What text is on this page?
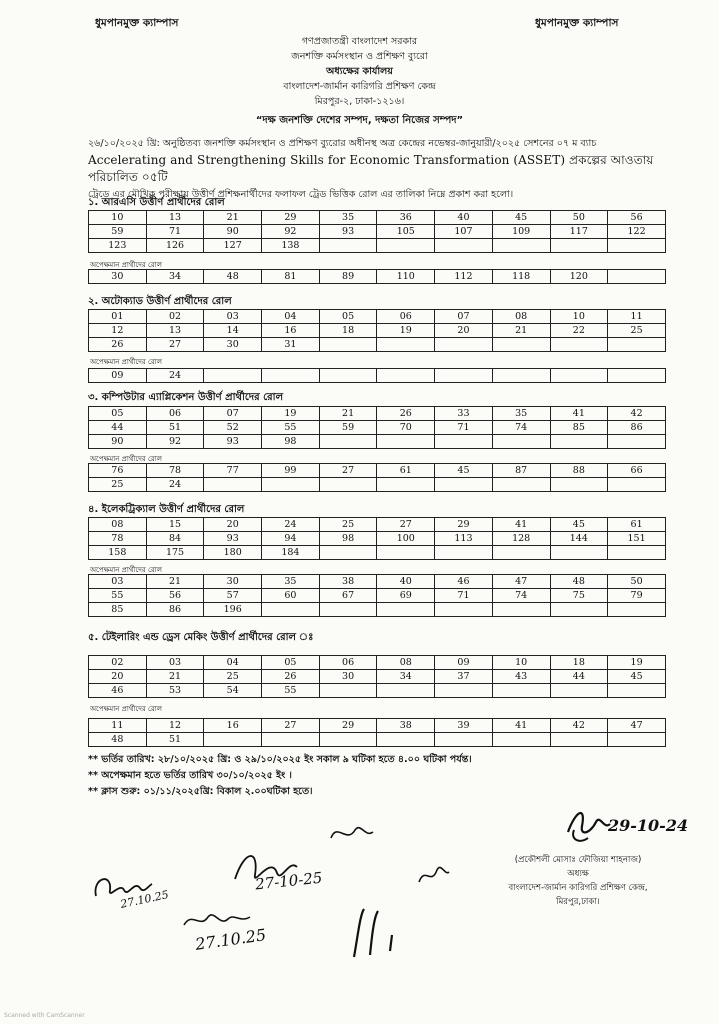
ধুমপানমুক্ত ক্যাম্পাস	ধুমপানমুক্ত ক্যাম্পাস
গণপ্রজাতন্ত্রী বাংলাদেশ সরকার
জনশক্তি কর্মসংস্থান ও প্রশিক্ষণ ব্যুরো
অধ্যক্ষের কার্যালয়
বাংলাদেশ-জার্মান কারিগরি প্রশিক্ষণ কেন্দ্র
মিরপুর-২, ঢাকা-১২১৬।
“দক্ষ জনশক্তি দেশের সম্পদ, দক্ষতা নিজের সম্পদ”
২৬/১০/২০২৫ খ্রি: অনুষ্ঠিতব্য জনশক্তি কর্মসংস্থান ও প্রশিক্ষণ ব্যুরোর অধীনস্থ অত্র কেন্দ্রের নভেম্বর-জানুয়ারী/২০২৫ সেশনের ০৭ ম ব্যাচ
Accelerating and Strengthening Skills for Economic Transformation (ASSET) প্রকল্পের আওতায় পরিচালিত ০৫টি
ট্রেডে এর মৌখিক পরীক্ষায় উত্তীর্ণ প্রশিক্ষনার্থীদের ফলাফল ট্রেড ভিত্তিক রোল এর তালিকা নিম্নে প্রকাশ করা হলো।
১. আরএসি উত্তীর্ণ প্রার্থীদের রোল
10	13	21	29	35	36	40	45	50	56
59	71	90	92	93	105	107	109	117	122
123	126	127	138						
অপেক্ষমান প্রার্থীদের রোল
30	34	48	81	89	110	112	118	120	
২. অটোক্যাড উত্তীর্ণ প্রার্থীদের রোল
01	02	03	04	05	06	07	08	10	11
12	13	14	16	18	19	20	21	22	25
26	27	30	31						
অপেক্ষমান প্রার্থীদের রোল
09	24								
৩. কম্পিউটার এ্যাপ্লিকেশন উত্তীর্ণ প্রার্থীদের রোল
05	06	07	19	21	26	33	35	41	42
44	51	52	55	59	70	71	74	85	86
90	92	93	98						
অপেক্ষমান প্রার্থীদের রোল
76	78	77	99	27	61	45	87	88	66
25	24								
৪. ইলেকট্রিক্যাল উত্তীর্ণ প্রার্থীদের রোল
08	15	20	24	25	27	29	41	45	61
78	84	93	94	98	100	113	128	144	151
158	175	180	184						
অপেক্ষমান প্রার্থীদের রোল
03	21	30	35	38	40	46	47	48	50
55	56	57	60	67	69	71	74	75	79
85	86	196							
৫. টেইলারিং এন্ড ড্রেস মেকিং উত্তীর্ণ প্রার্থীদের রোল ঃ
02	03	04	05	06	08	09	10	18	19
20	21	25	26	30	34	37	43	44	45
46	53	54	55						
অপেক্ষমান প্রার্থীদের রোল
11	12	16	27	29	38	39	41	42	47
48	51								
** ভর্তির তারিখ: ২৮/১০/২০২৫ খ্রি: ও ২৯/১০/২০২৫ ইং সকাল ৯ ঘটিকা হতে ৪.০০ ঘটিকা পর্যন্ত।
** অপেক্ষমান হতে ভর্তির তারিখ ৩০/১০/২০২৫ ইং ।
** ক্লাস শুরু: ০১/১১/২০২৫খ্রি: বিকাল ২.০০ঘটিকা হতে।
29-10-24
(প্রকৌশলী মোসাঃ ফৌজিয়া শাহনাজ)
অধ্যক্ষ
বাংলাদেশ-জার্মান কারিগরি প্রশিক্ষণ কেন্দ্র,
মিরপুর,ঢাকা।
27.10.25
27-10-25
27.10.25
Scanned with CamScanner
